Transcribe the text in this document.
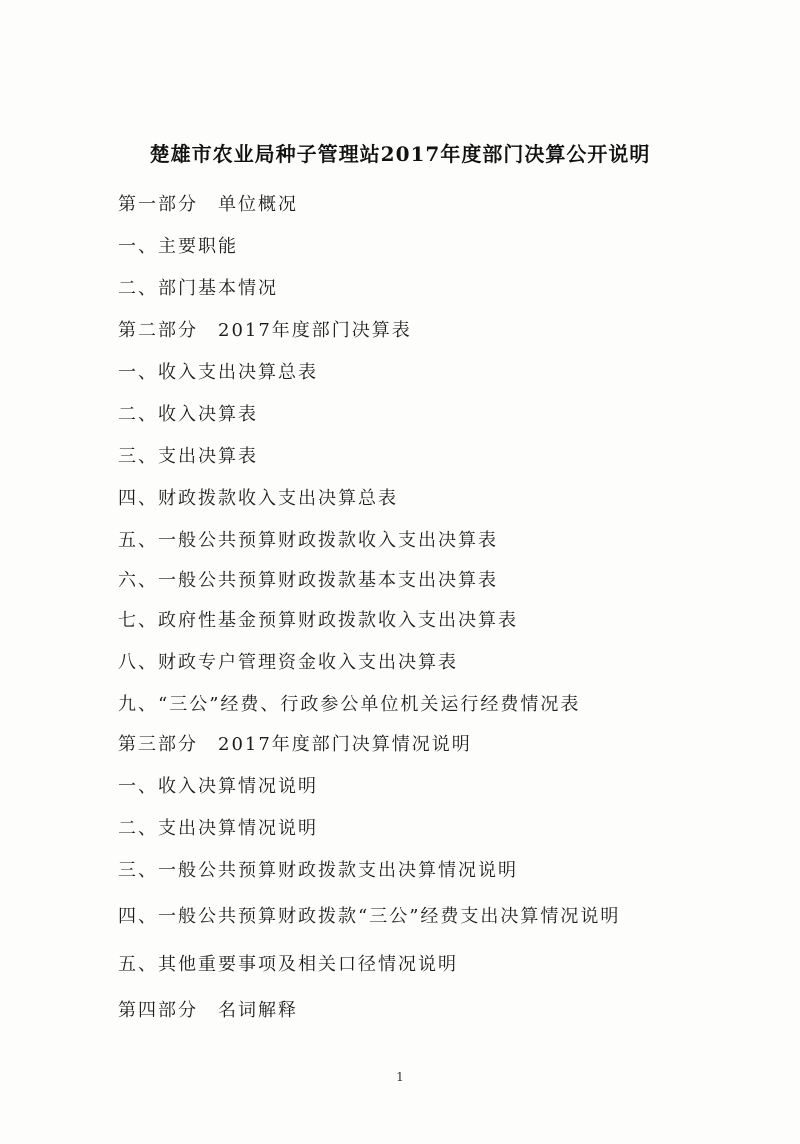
楚雄市农业局种子管理站2017年度部门决算公开说明
第一部分　单位概况
一、主要职能
二、部门基本情况
第二部分　2017年度部门决算表
一、收入支出决算总表
二、收入决算表
三、支出决算表
四、财政拨款收入支出决算总表
五、一般公共预算财政拨款收入支出决算表
六、一般公共预算财政拨款基本支出决算表
七、政府性基金预算财政拨款收入支出决算表
八、财政专户管理资金收入支出决算表
九、“三公”经费、行政参公单位机关运行经费情况表
第三部分　2017年度部门决算情况说明
一、收入决算情况说明
二、支出决算情况说明
三、一般公共预算财政拨款支出决算情况说明
四、一般公共预算财政拨款“三公”经费支出决算情况说明
五、其他重要事项及相关口径情况说明
第四部分　名词解释
1
